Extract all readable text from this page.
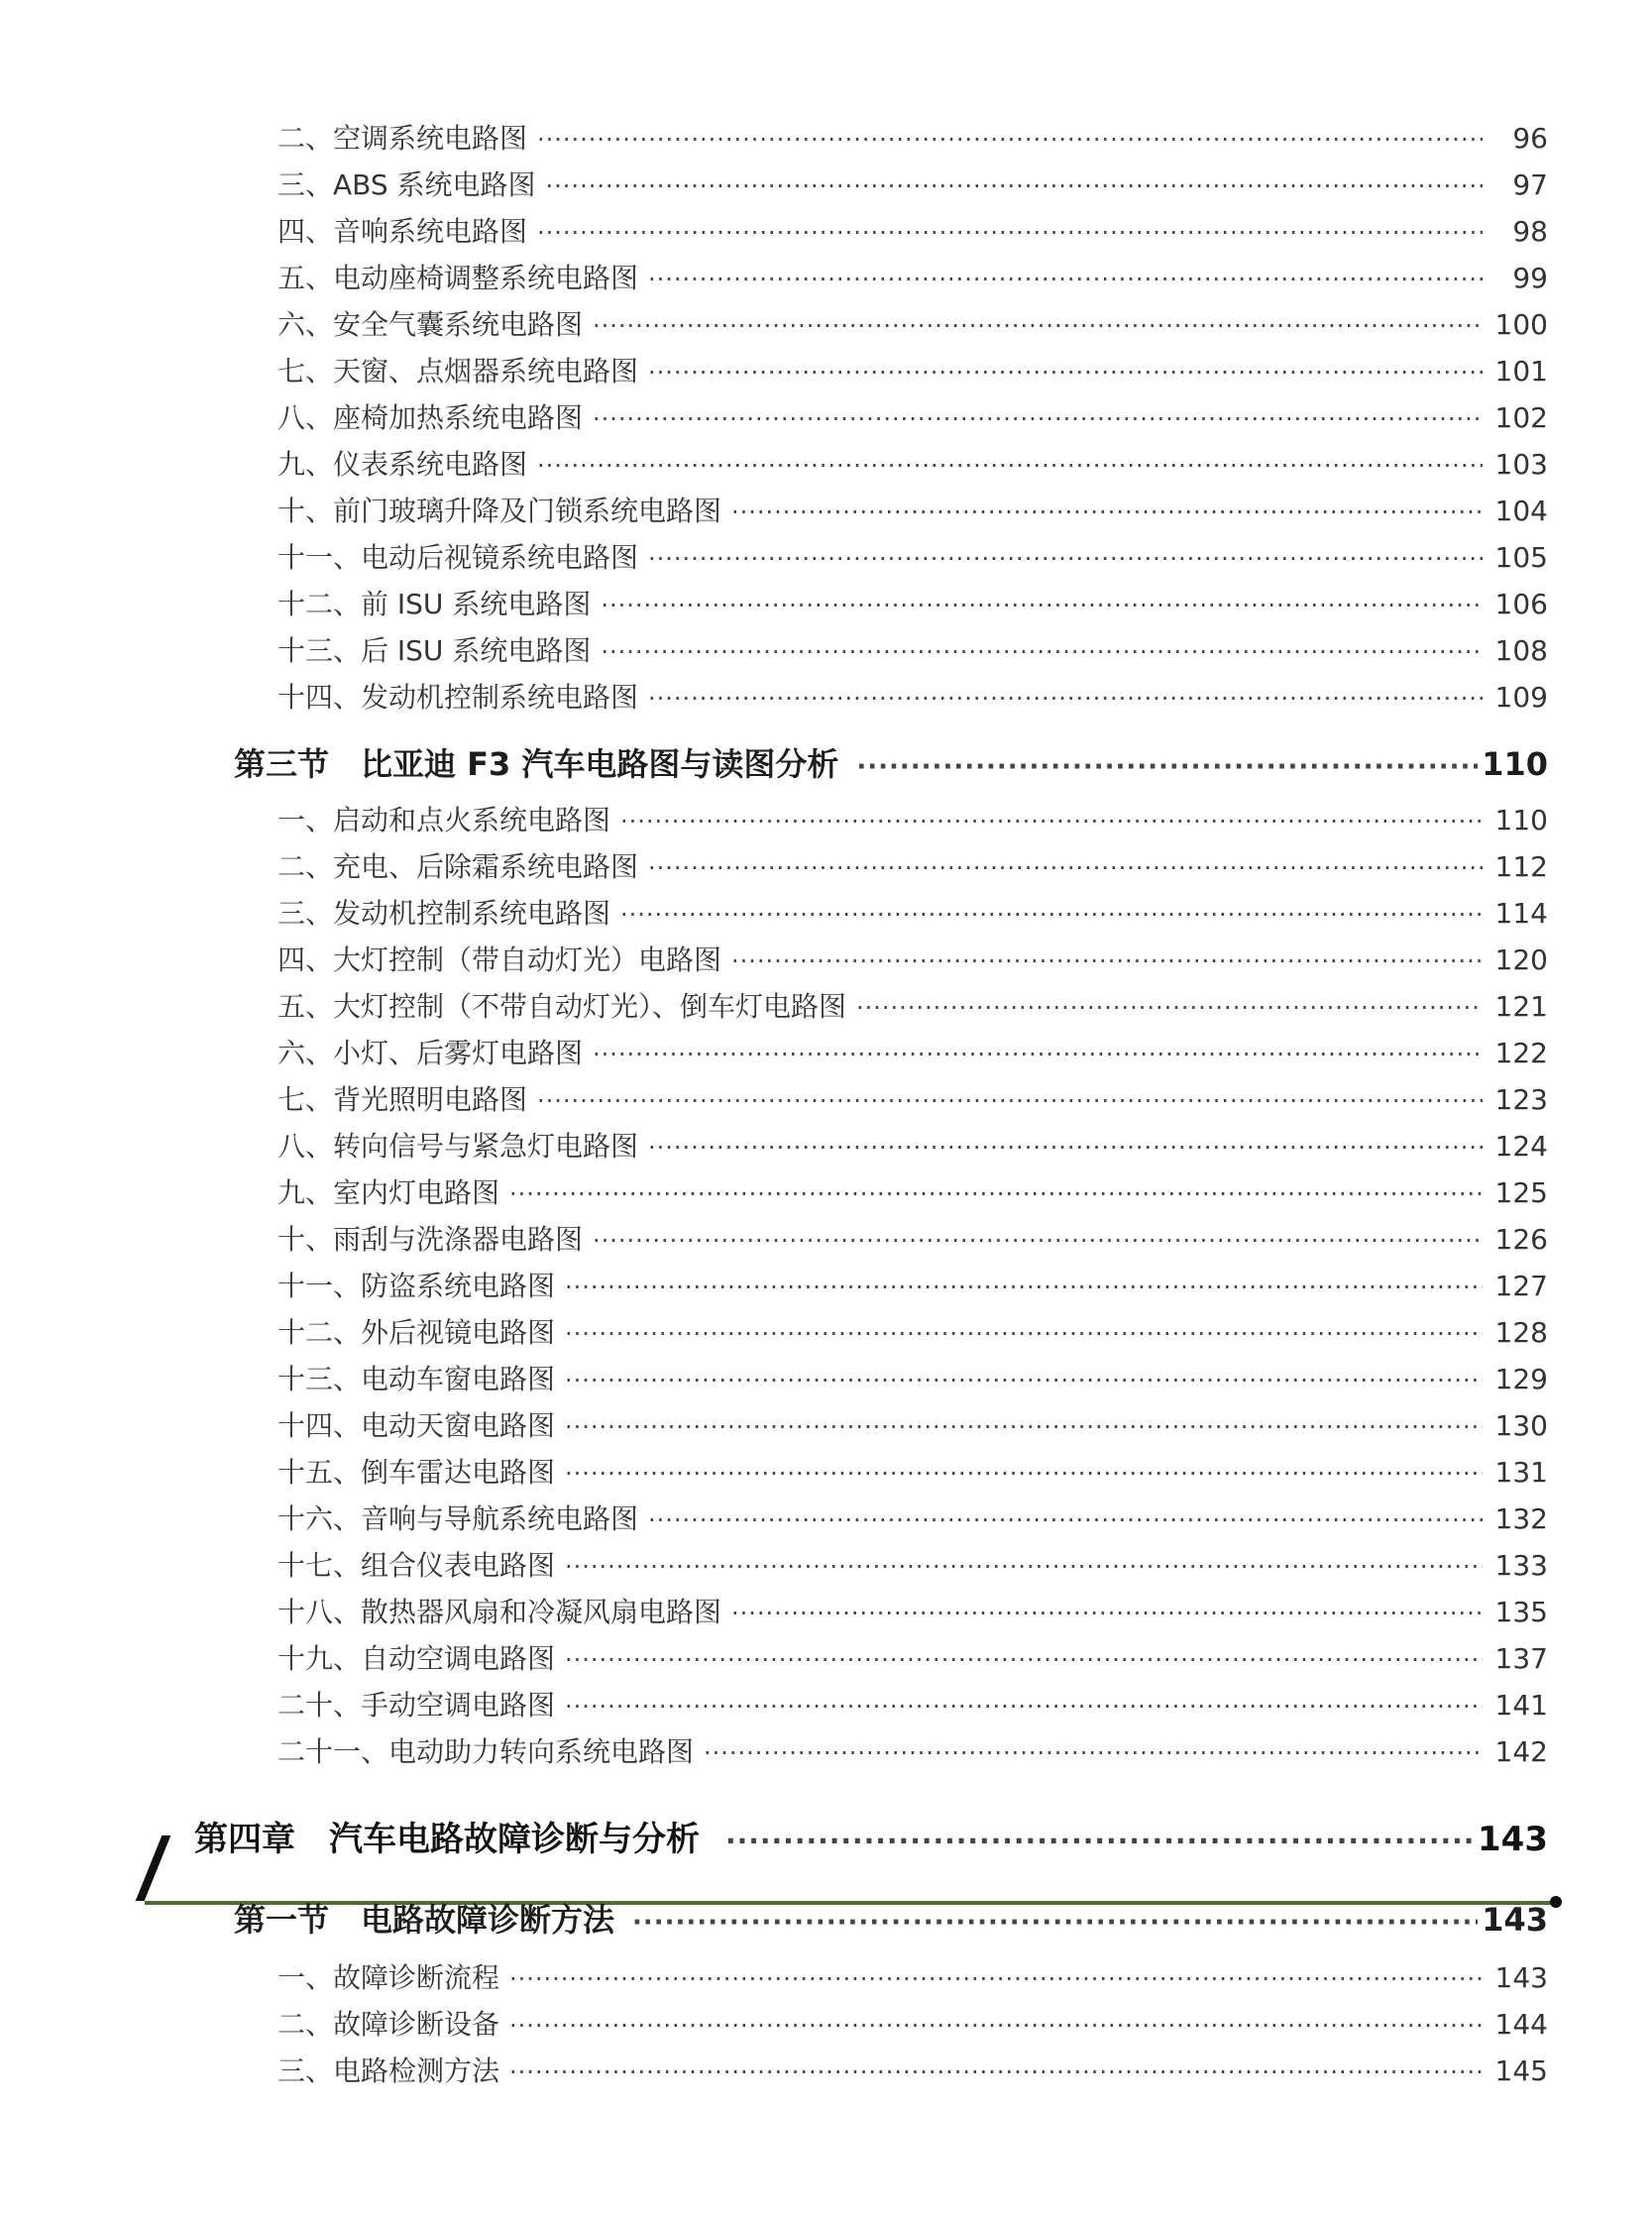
二、空调系统电路图 ·····	96
三、ABS 系统电路图 ·····	97
四、音响系统电路图 ·····	98
五、电动座椅调整系统电路图 ·····	99
六、安全气囊系统电路图 ·····	100
七、天窗、点烟器系统电路图 ·····	101
八、座椅加热系统电路图 ·····	102
九、仪表系统电路图 ·····	103
十、前门玻璃升降及门锁系统电路图 ·····	104
十一、电动后视镜系统电路图 ·····	105
十二、前 ISU 系统电路图 ·····	106
十三、后 ISU 系统电路图 ·····	108
十四、发动机控制系统电路图 ·····	109
第三节　比亚迪 F3 汽车电路图与读图分析 ·····	110
一、启动和点火系统电路图 ·····	110
二、充电、后除霜系统电路图 ·····	112
三、发动机控制系统电路图 ·····	114
四、大灯控制（带自动灯光）电路图 ·····	120
五、大灯控制（不带自动灯光）、倒车灯电路图 ·····	121
六、小灯、后雾灯电路图 ·····	122
七、背光照明电路图 ·····	123
八、转向信号与紧急灯电路图 ·····	124
九、室内灯电路图 ·····	125
十、雨刮与洗涤器电路图 ·····	126
十一、防盗系统电路图 ·····	127
十二、外后视镜电路图 ·····	128
十三、电动车窗电路图 ·····	129
十四、电动天窗电路图 ·····	130
十五、倒车雷达电路图 ·····	131
十六、音响与导航系统电路图 ·····	132
十七、组合仪表电路图 ·····	133
十八、散热器风扇和冷凝风扇电路图 ·····	135
十九、自动空调电路图 ·····	137
二十、手动空调电路图 ·····	141
二十一、电动助力转向系统电路图 ·····	142
第四章　汽车电路故障诊断与分析 ·····	143
第一节　电路故障诊断方法 ·····	143
一、故障诊断流程 ·····	143
二、故障诊断设备 ·····	144
三、电路检测方法 ·····	145
